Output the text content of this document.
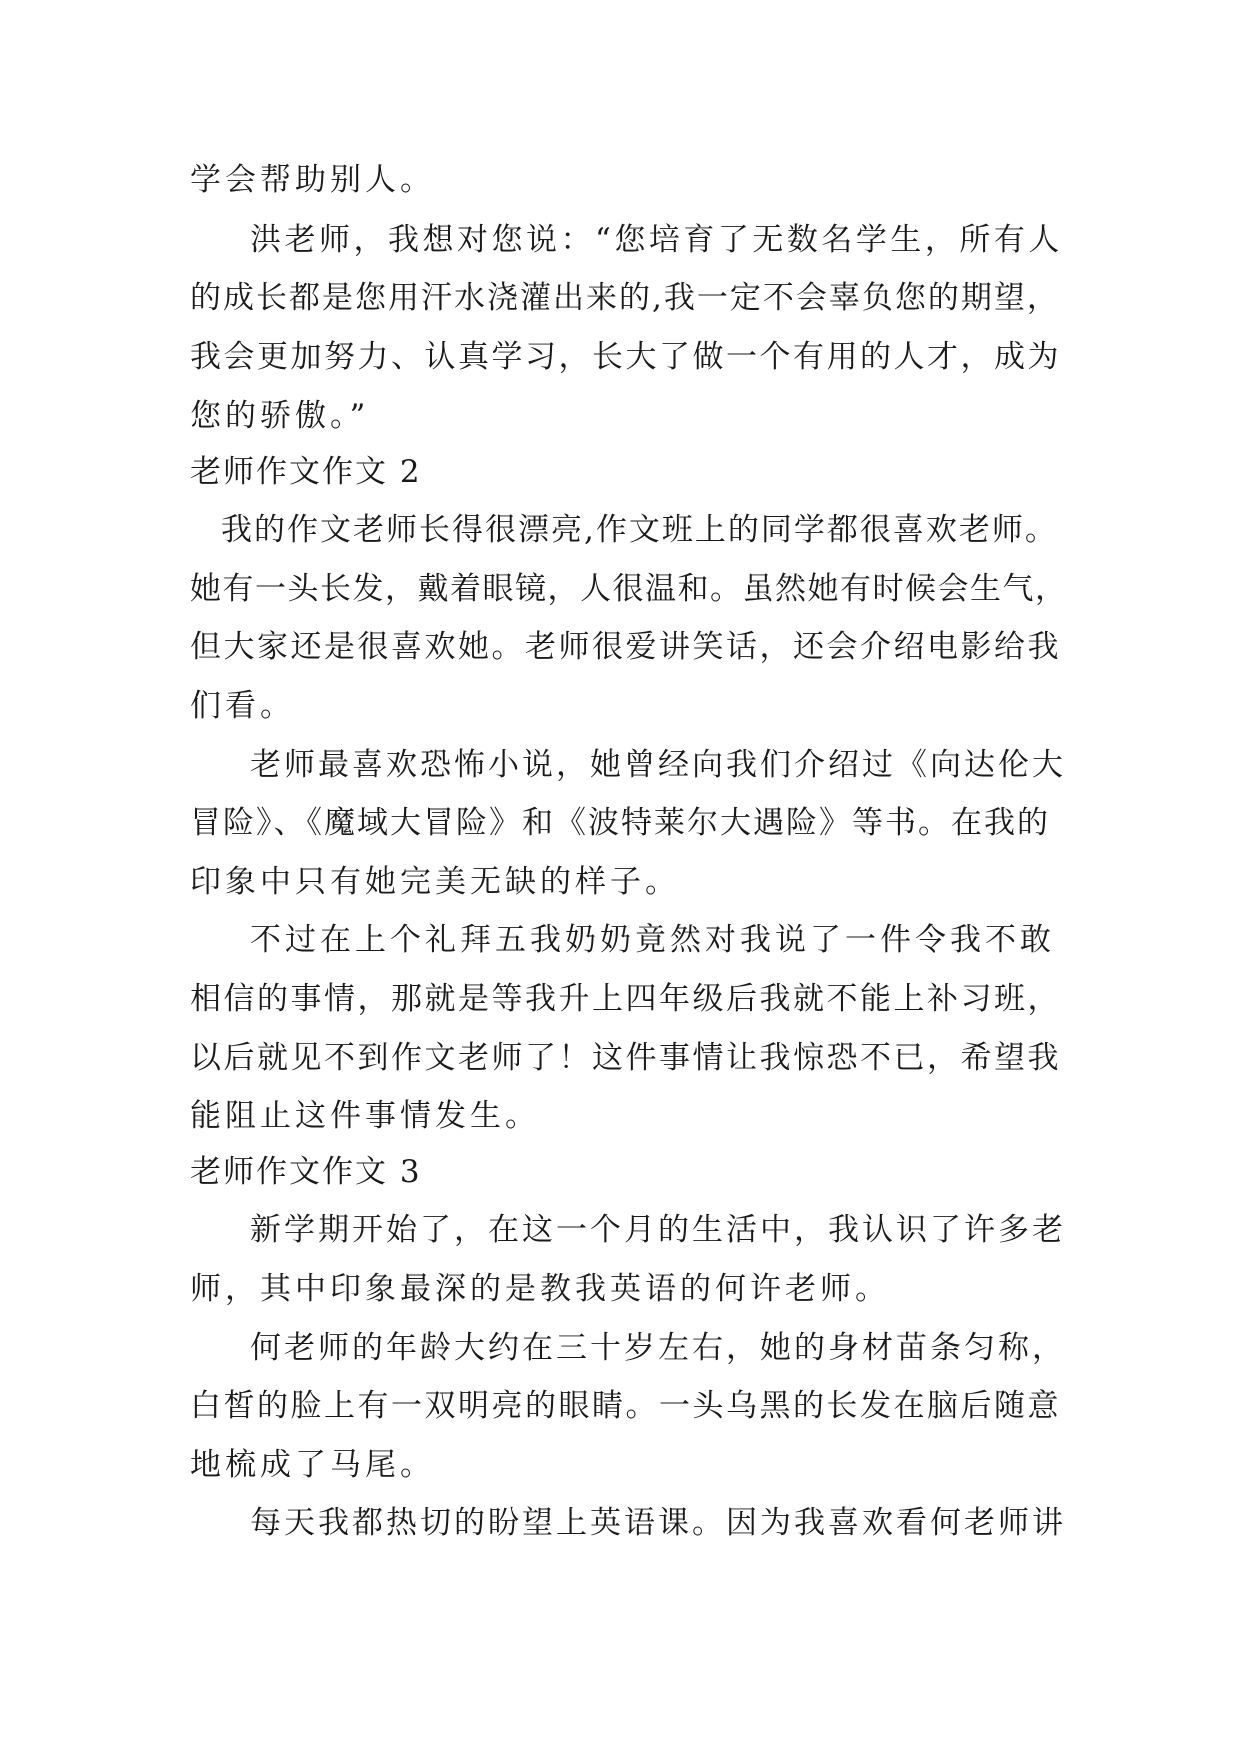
学会帮助别人。
洪老师，我想对您说：“您培育了无数名学生，所有人
的成长都是您用汗水浇灌出来的,我一定不会辜负您的期望，
我会更加努力、认真学习，长大了做一个有用的人才，成为
您的骄傲。”
老师作文作文 2
我的作文老师长得很漂亮,作文班上的同学都很喜欢老师。
她有一头长发，戴着眼镜，人很温和。虽然她有时候会生气，
但大家还是很喜欢她。老师很爱讲笑话，还会介绍电影给我
们看。
老师最喜欢恐怖小说，她曾经向我们介绍过《向达伦大
冒险》、《魔域大冒险》和《波特莱尔大遇险》等书。在我的
印象中只有她完美无缺的样子。
不过在上个礼拜五我奶奶竟然对我说了一件令我不敢
相信的事情，那就是等我升上四年级后我就不能上补习班，
以后就见不到作文老师了！这件事情让我惊恐不已，希望我
能阻止这件事情发生。
老师作文作文 3
新学期开始了，在这一个月的生活中，我认识了许多老
师，其中印象最深的是教我英语的何许老师。
何老师的年龄大约在三十岁左右，她的身材苗条匀称，
白皙的脸上有一双明亮的眼睛。一头乌黑的长发在脑后随意
地梳成了马尾。
每天我都热切的盼望上英语课。因为我喜欢看何老师讲
